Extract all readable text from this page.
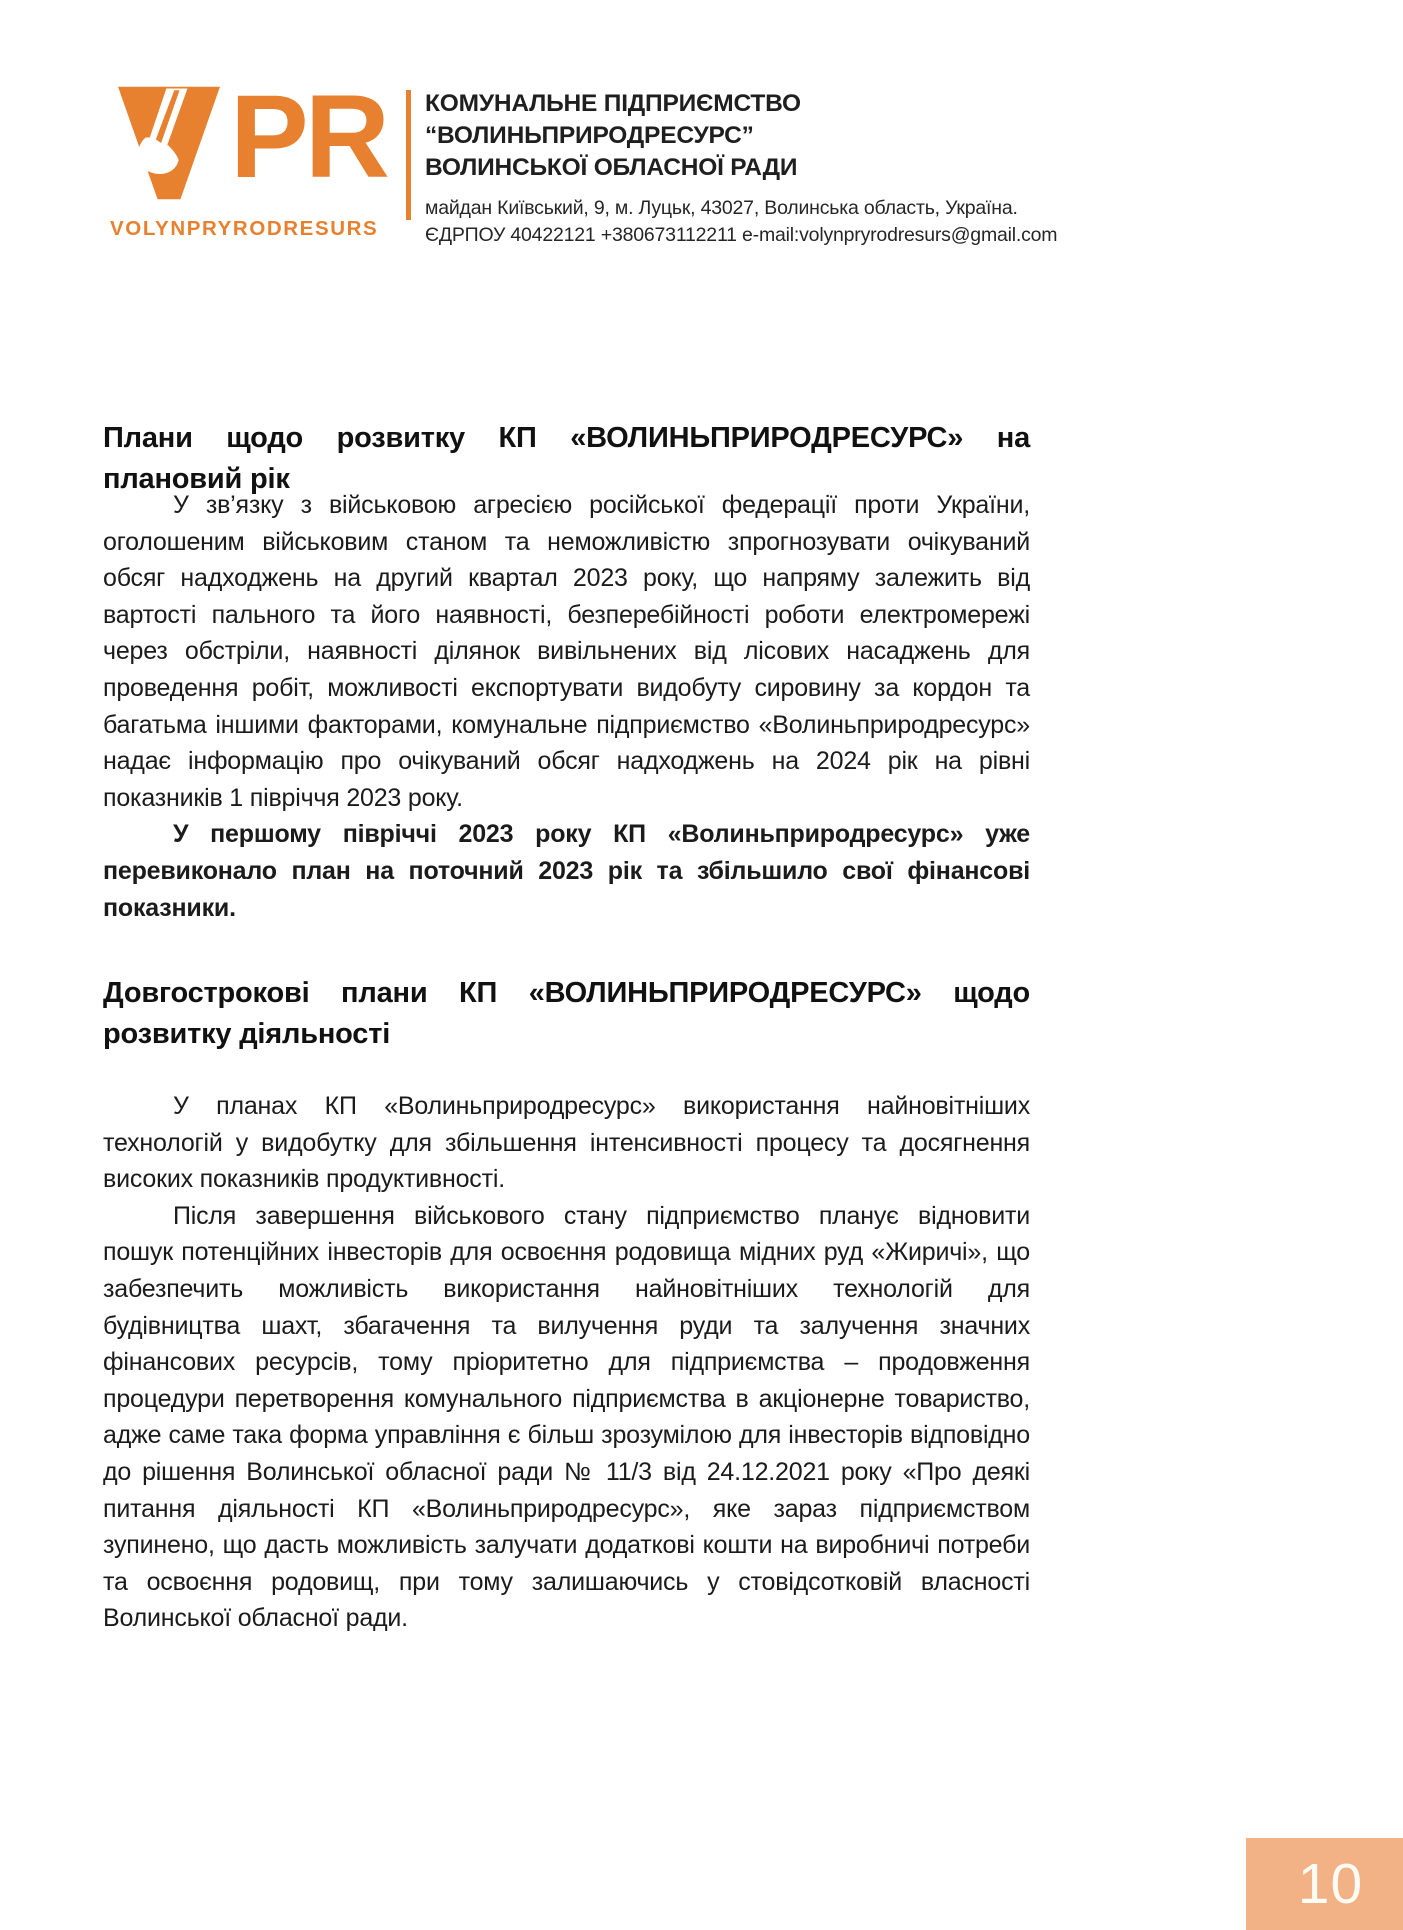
PR
VOLYNPRYRODRESURS
КОМУНАЛЬНЕ ПІДПРИЄМСТВО “ВОЛИНЬПРИРОДРЕСУРС”
ВОЛИНСЬКОЇ ОБЛАСНОЇ РАДИ
майдан Київський, 9, м. Луцьк, 43027, Волинська область, Україна.
ЄДРПОУ 40422121 +380673112211 e-mail:volynpryrodresurs@gmail.com
Плани щодо розвитку КП «ВОЛИНЬПРИРОДРЕСУРС» на плановий рік

У зв’язку з військовою агресією російської федерації проти України, оголошеним військовим станом та неможливістю зпрогнозувати очікуваний обсяг надходжень на другий квартал 2023 року, що напряму залежить від вартості пального та його наявності, безперебійності роботи електромережі через обстріли, наявності ділянок вивільнених від лісових насаджень для проведення робіт, можливості експортувати видобуту сировину за кордон та багатьма іншими факторами, комунальне підприємство «Волиньприродресурс» надає інформацію про очікуваний обсяг надходжень на 2024 рік на рівні показників 1 півріччя 2023 року.

У першому півріччі 2023 року КП «Волиньприродресурс» уже перевиконало план на поточний 2023 рік та збільшило свої фінансові показники.

Довгострокові плани КП «ВОЛИНЬПРИРОДРЕСУРС» щодо розвитку діяльності

У планах КП «Волиньприродресурс» використання найновітніших технологій у видобутку для збільшення інтенсивності процесу та досягнення високих показників продуктивності.

Після завершення військового стану підприємство планує відновити пошук потенційних інвесторів для освоєння родовища мідних руд «Жиричі», що забезпечить можливість використання найновітніших технологій для будівництва шахт, збагачення та вилучення руди та залучення значних фінансових ресурсів, тому пріоритетно для підприємства – продовження процедури перетворення комунального підприємства в акціонерне товариство, адже саме така форма управління є більш зрозумілою для інвесторів відповідно до рішення Волинської обласної ради № 11/3 від 24.12.2021 року «Про деякі питання діяльності КП «Волиньприродресурс», яке зараз підприємством зупинено, що дасть можливість залучати додаткові кошти на виробничі потреби та освоєння родовищ, при тому залишаючись у стовідсотковій власності Волинської обласної ради.

10
